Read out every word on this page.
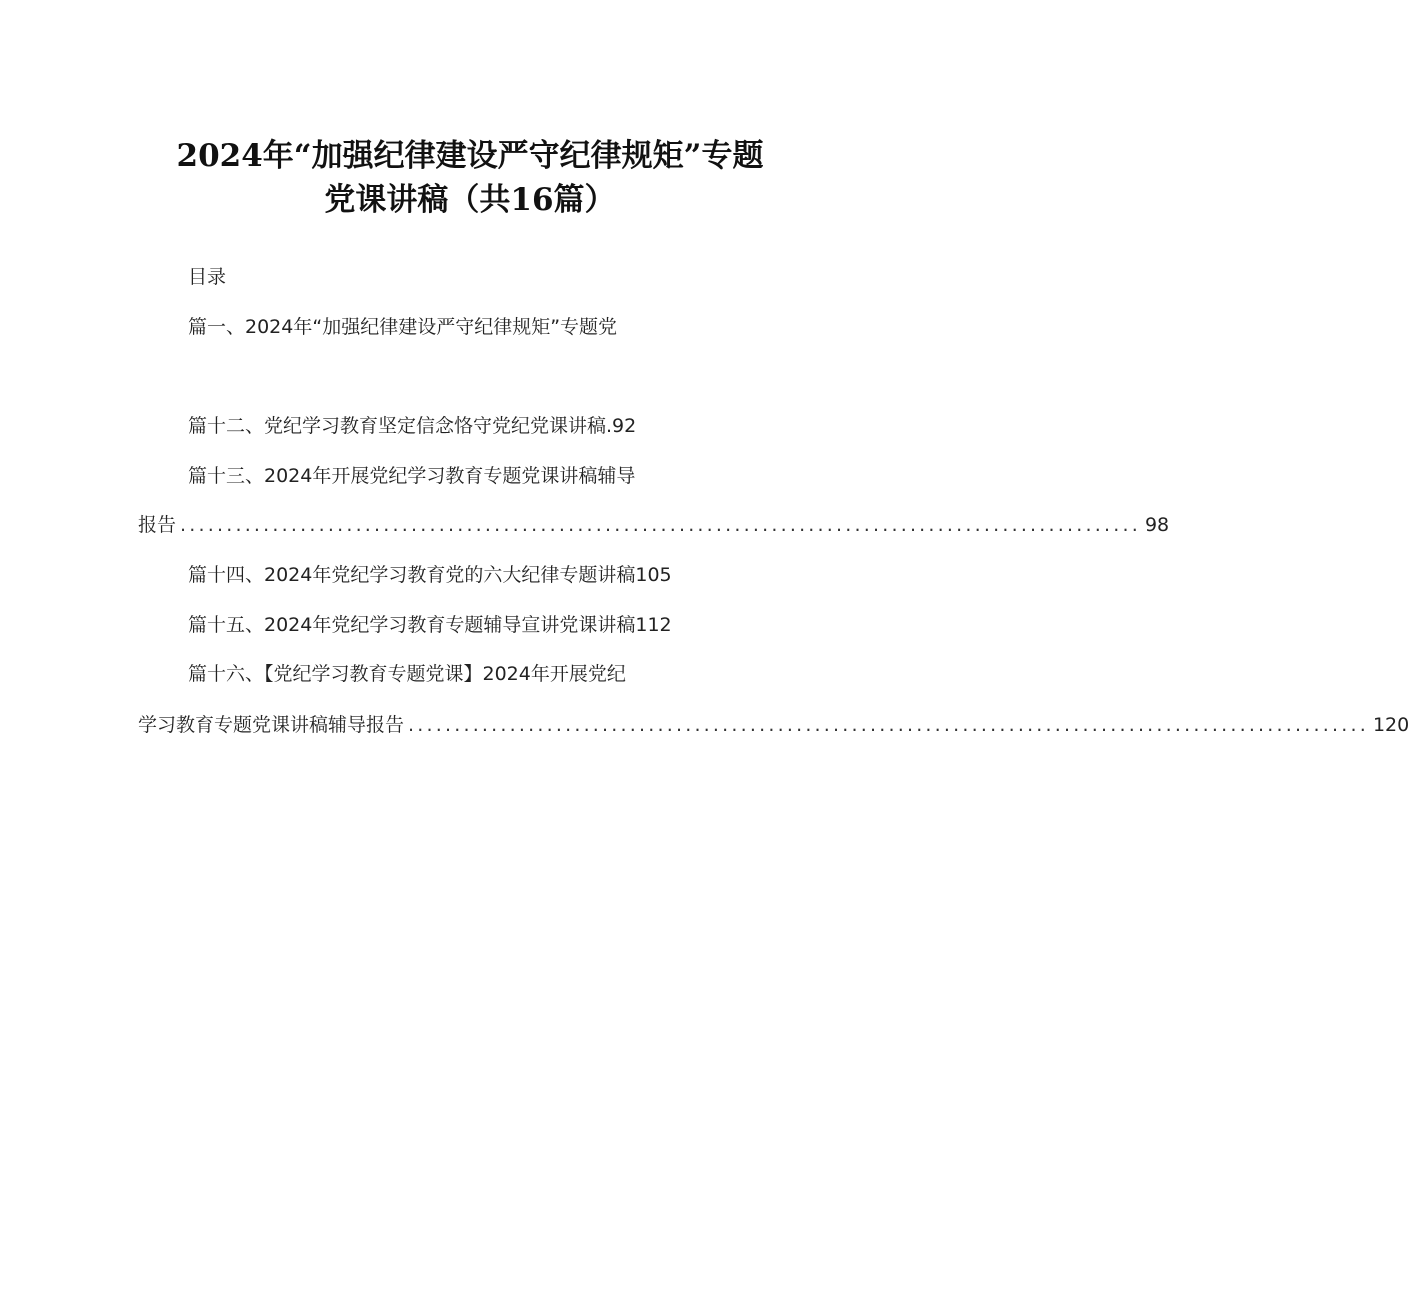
2024年“加强纪律建设严守纪律规矩”专题
党课讲稿（共16篇）
目录
篇一、2024年“加强纪律建设严守纪律规矩”专题党
篇十二、党纪学习教育坚定信念恪守党纪党课讲稿.92
篇十三、2024年开展党纪学习教育专题党课讲稿辅导
报告 ........................................................................................................ 98
篇十四、2024年党纪学习教育党的六大纪律专题讲稿105
篇十五、2024年党纪学习教育专题辅导宣讲党课讲稿112
篇十六、【党纪学习教育专题党课】2024年开展党纪
学习教育专题党课讲稿辅导报告 ........................................................................................................ 120
